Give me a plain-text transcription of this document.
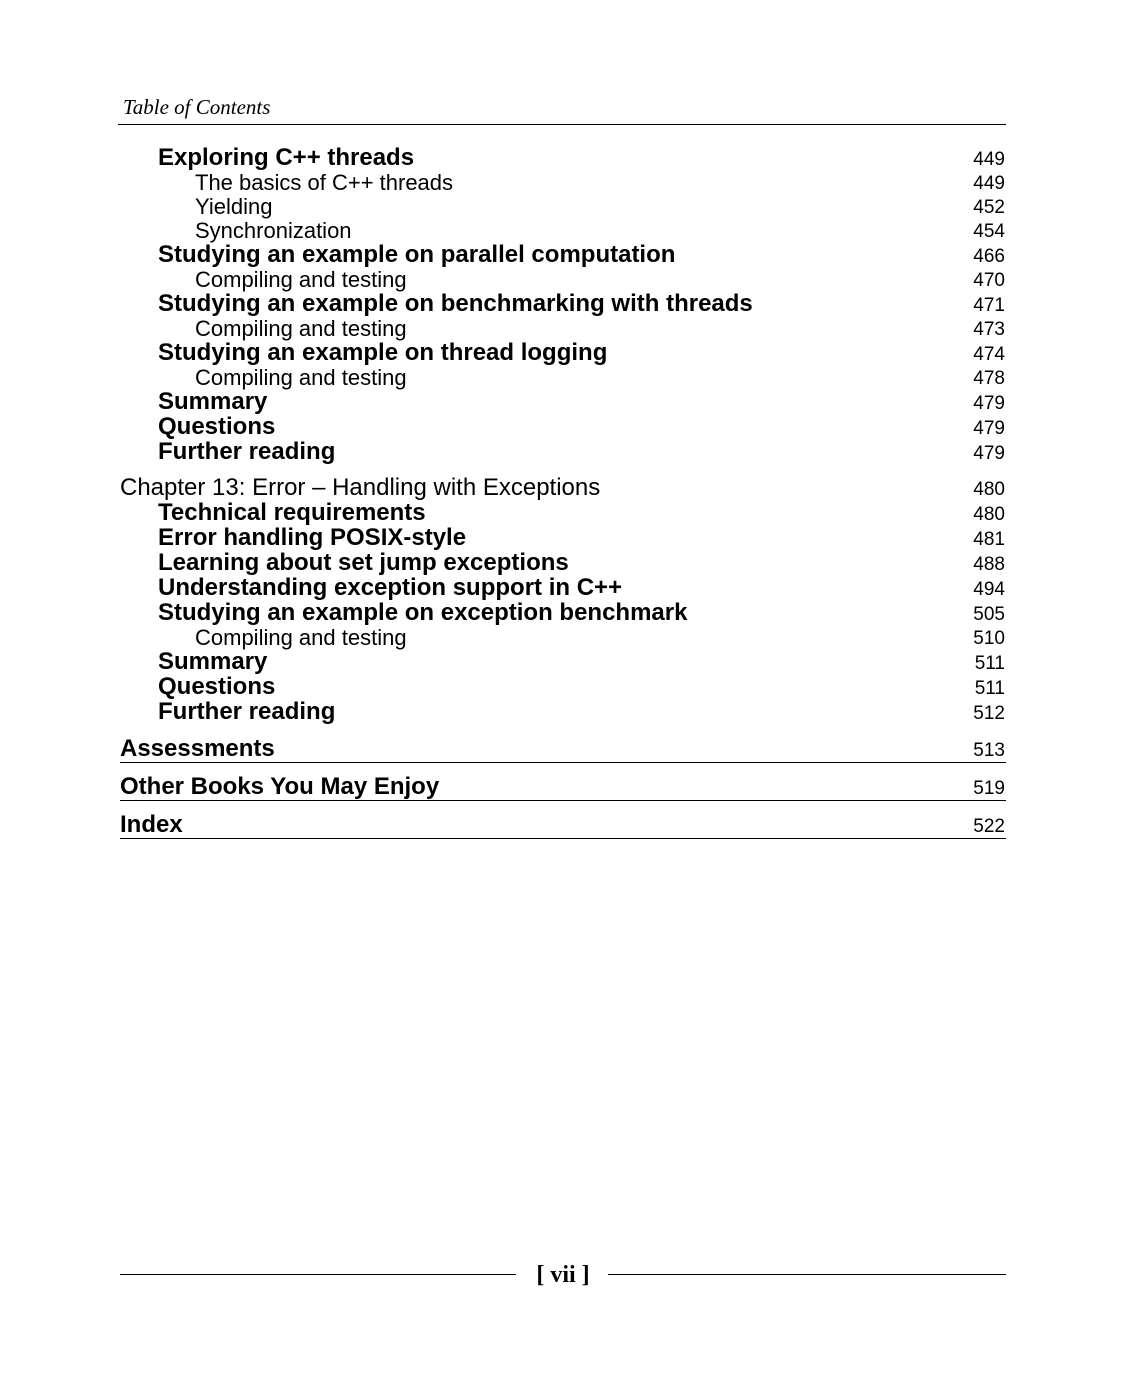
Table of Contents
Exploring C++ threads	449
The basics of C++ threads	449
Yielding	452
Synchronization	454
Studying an example on parallel computation	466
Compiling and testing	470
Studying an example on benchmarking with threads	471
Compiling and testing	473
Studying an example on thread logging	474
Compiling and testing	478
Summary	479
Questions	479
Further reading	479
Chapter 13: Error – Handling with Exceptions	480
Technical requirements	480
Error handling POSIX-style	481
Learning about set jump exceptions	488
Understanding exception support in C++	494
Studying an example on exception benchmark	505
Compiling and testing	510
Summary	511
Questions	511
Further reading	512
Assessments	513
Other Books You May Enjoy	519
Index	522
[ vii ]
